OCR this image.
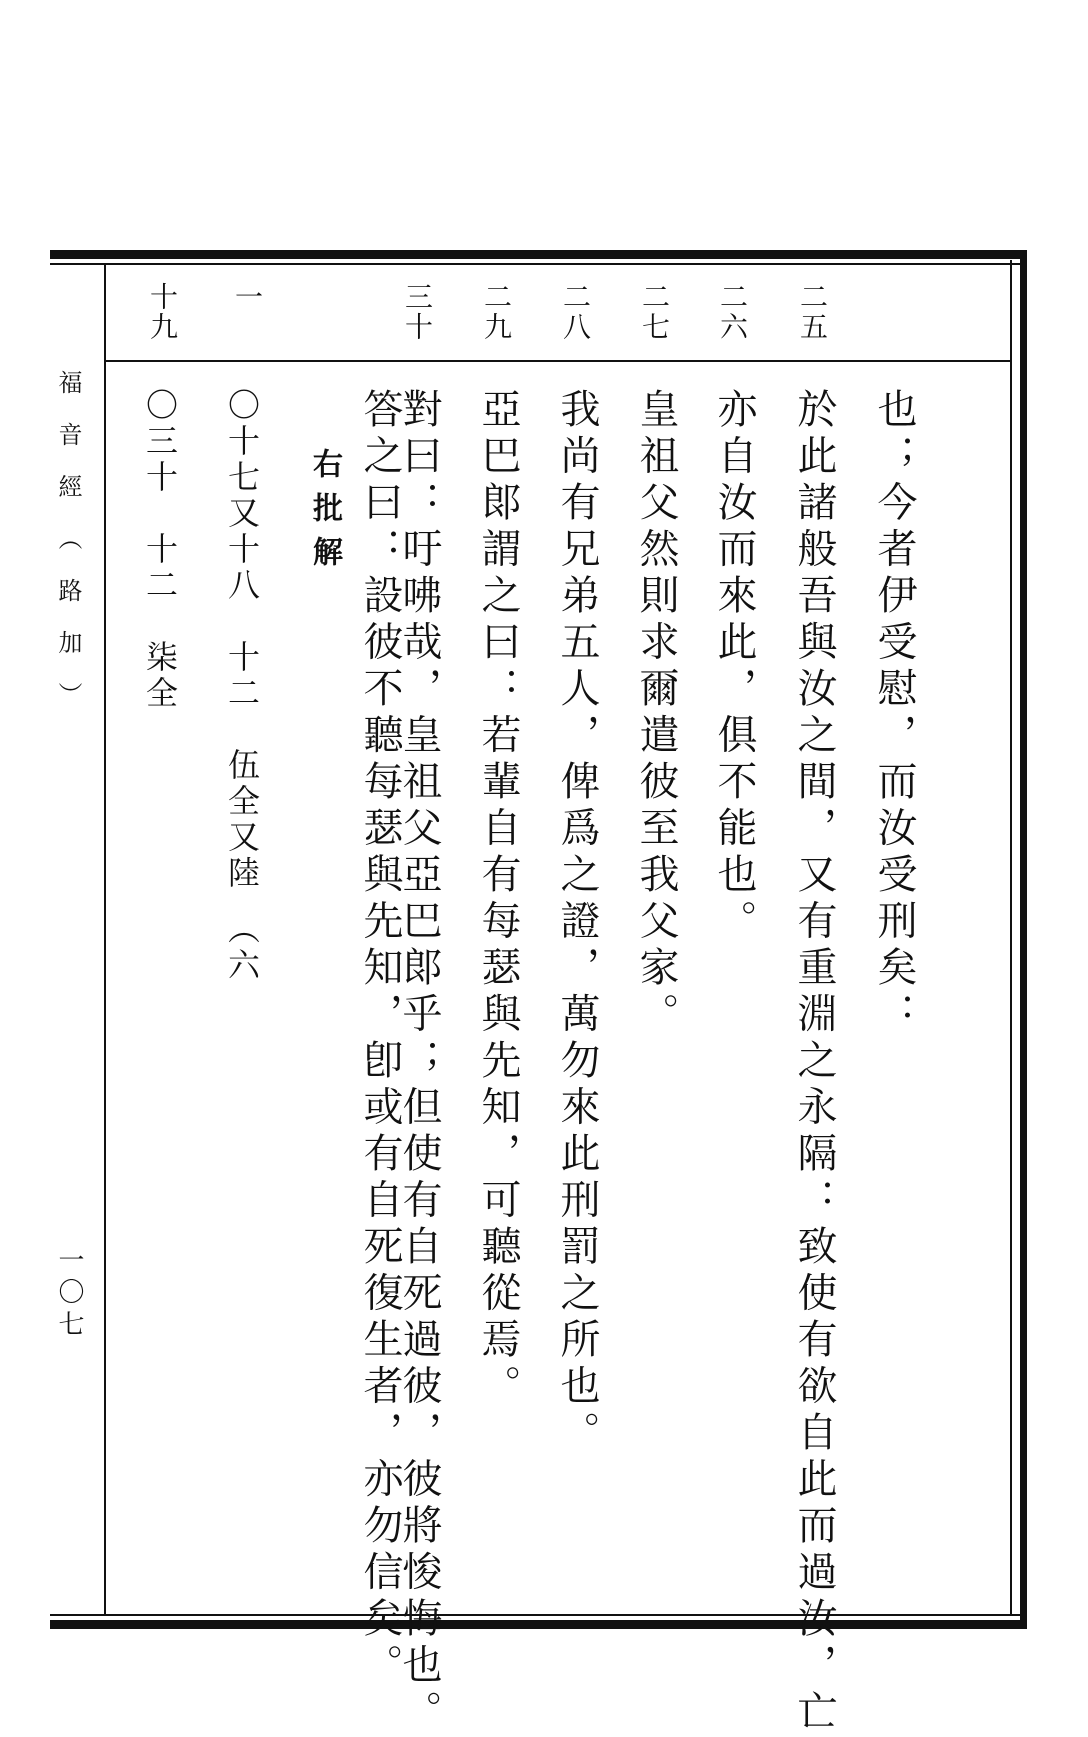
福音經（路加）
一〇七
二五
二六
二七
二八
二九
三十
一
十九
也；今者伊受慰，而汝受刑矣：
於此諸般吾與汝之間，又有重淵之永隔：致使有欲自此而過汝，亡
亦自汝而來此，俱不能也。
皇祖父然則求爾遣彼至我父家。
我尚有兄弟五人，俾爲之證，萬勿來此刑罰之所也。
亞巴郞謂之曰：若輩自有每瑟與先知，可聽從焉。
對曰：吁咈哉，皇祖父亞巴郞乎；但使有自死過彼，彼將悛悔也。
答之曰：設彼不聽每瑟與先知，卽或有自死復生者，亦勿信矣。
右批解
〇十七又十八　十二　伍全又陸　（六
〇三十　十二　柒全
